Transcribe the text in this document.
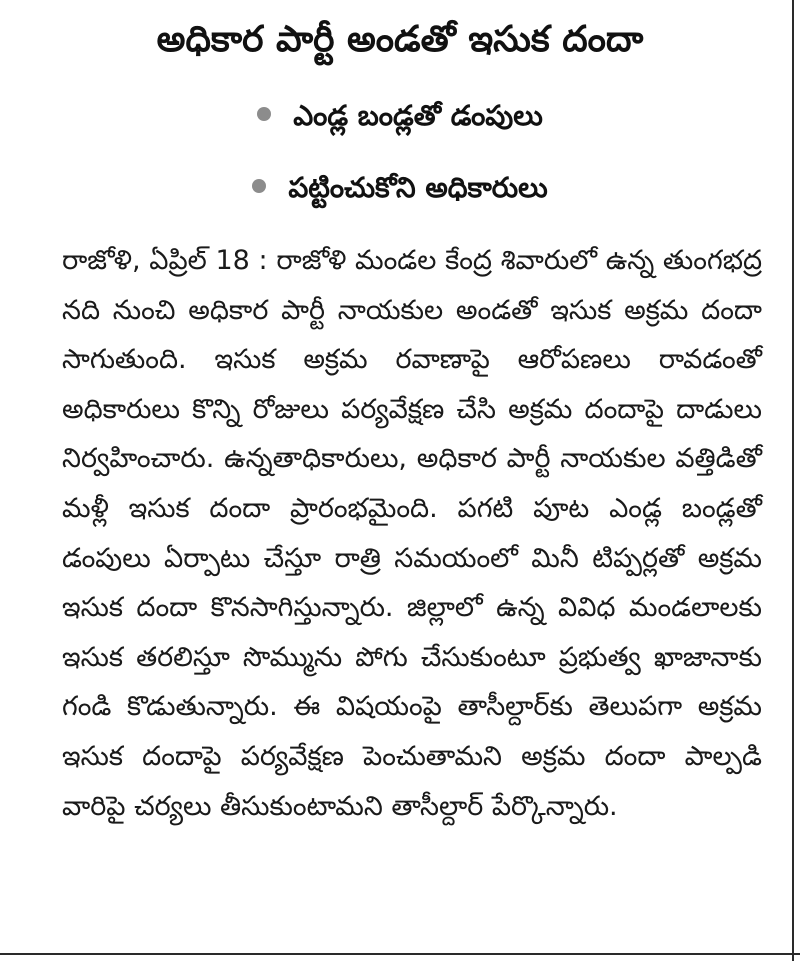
అధికార పార్టీ అండతో ఇసుక దందా
ఎండ్ల బండ్లతో డంపులు
పట్టించుకోని అధికారులు
రాజోళి, ఏప్రిల్ 18 : రాజోళి మండల కేంద్ర శివారులో ఉన్న తుంగభద్ర నది నుంచి అధికార పార్టీ నాయకుల అండతో ఇసుక అక్రమ దందా సాగుతుంది. ఇసుక అక్రమ రవాణాపై ఆరోపణలు రావడంతో అధికారులు కొన్ని రోజులు పర్యవేక్షణ చేసి అక్రమ దందాపై దాడులు నిర్వహించారు. ఉన్నతాధికారులు, అధికార పార్టీ నాయకుల వత్తిడితో మళ్లీ ఇసుక దందా ప్రారంభమైంది. పగటి పూట ఎండ్ల బండ్లతో డంపులు ఏర్పాటు చేస్తూ రాత్రి సమయంలో మినీ టిప్పర్లతో అక్రమ ఇసుక దందా కొనసాగిస్తున్నారు. జిల్లాలో ఉన్న వివిధ మండలాలకు ఇసుక తరలిస్తూ సొమ్మును పోగు చేసుకుంటూ ప్రభుత్వ ఖాజానాకు గండి కొడుతున్నారు. ఈ విషయంపై తాసీల్దార్‌కు తెలుపగా అక్రమ ఇసుక దందాపై పర్యవేక్షణ పెంచుతామని అక్రమ దందా పాల్పడి వారిపై చర్యలు తీసుకుంటామని తాసీల్దార్ పేర్కొన్నారు.
